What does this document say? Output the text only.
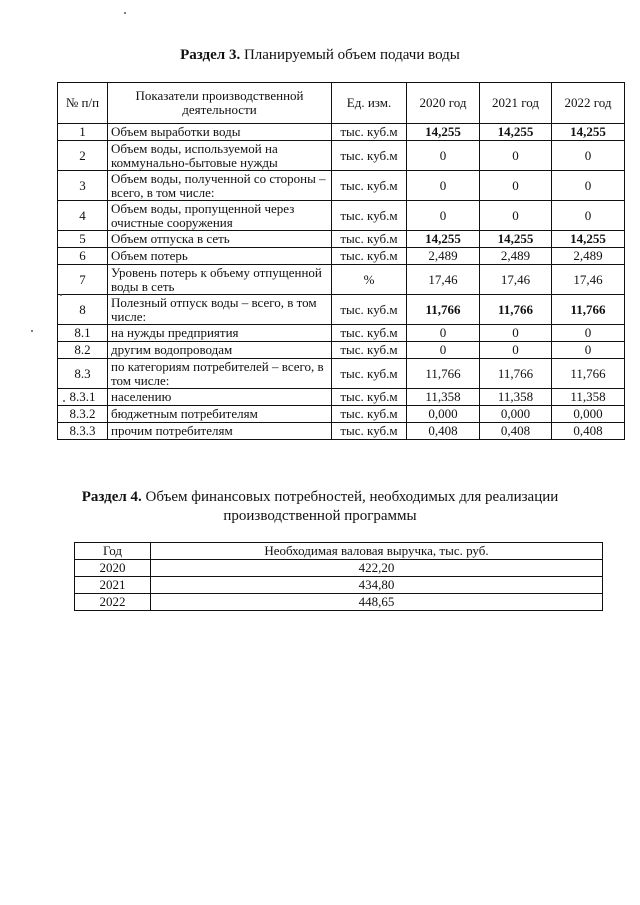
Раздел 3. Планируемый объем подачи воды
№ п/п	Показатели производственной деятельности	Ед. изм.	2020 год	2021 год	2022 год
1	Объем выработки воды	тыс. куб.м	14,255	14,255	14,255
2	Объем воды, используемой на коммунально-бытовые нужды	тыс. куб.м	0	0	0
3	Объем воды, полученной со стороны – всего, в том числе:	тыс. куб.м	0	0	0
4	Объем воды, пропущенной через очистные сооружения	тыс. куб.м	0	0	0
5	Объем отпуска в сеть	тыс. куб.м	14,255	14,255	14,255
6	Объем потерь	тыс. куб.м	2,489	2,489	2,489
7	Уровень потерь к объему отпущенной воды в сеть	%	17,46	17,46	17,46
8	Полезный отпуск воды – всего, в том числе:	тыс. куб.м	11,766	11,766	11,766
8.1	на нужды предприятия	тыс. куб.м	0	0	0
8.2	другим водопроводам	тыс. куб.м	0	0	0
8.3	по категориям потребителей – всего, в том числе:	тыс. куб.м	11,766	11,766	11,766
8.3.1	населению	тыс. куб.м	11,358	11,358	11,358
8.3.2	бюджетным потребителям	тыс. куб.м	0,000	0,000	0,000
8.3.3	прочим потребителям	тыс. куб.м	0,408	0,408	0,408
Раздел 4. Объем финансовых потребностей, необходимых для реализации
производственной программы
Год	Необходимая валовая выручка, тыс. руб.
2020	422,20
2021	434,80
2022	448,65
